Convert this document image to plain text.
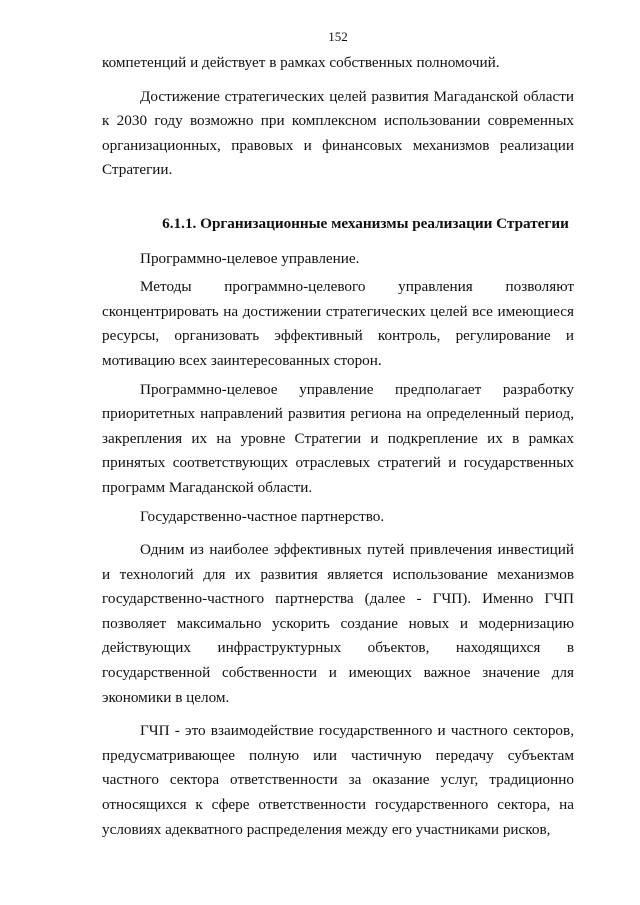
152

компетенций и действует в рамках собственных полномочий.

Достижение стратегических целей развития Магаданской области к 2030 году возможно при комплексном использовании современных организационных, правовых и финансовых механизмов реализации Стратегии.

6.1.1. Организационные механизмы реализации Стратегии

Программно-целевое управление.

Методы программно-целевого управления позволяют сконцентрировать на достижении стратегических целей все имеющиеся ресурсы, организовать эффективный контроль, регулирование и мотивацию всех заинтересованных сторон.

Программно-целевое управление предполагает разработку приоритетных направлений развития региона на определенный период, закрепления их на уровне Стратегии и подкрепление их в рамках принятых соответствующих отраслевых стратегий и государственных программ Магаданской области.

Государственно-частное партнерство.

Одним из наиболее эффективных путей привлечения инвестиций и технологий для их развития является использование механизмов государственно-частного партнерства (далее - ГЧП). Именно ГЧП позволяет максимально ускорить создание новых и модернизацию действующих инфраструктурных объектов, находящихся в государственной собственности и имеющих важное значение для экономики в целом.

ГЧП - это взаимодействие государственного и частного секторов, предусматривающее полную или частичную передачу субъектам частного сектора ответственности за оказание услуг, традиционно относящихся к сфере ответственности государственного сектора, на условиях адекватного распределения между его участниками рисков,
